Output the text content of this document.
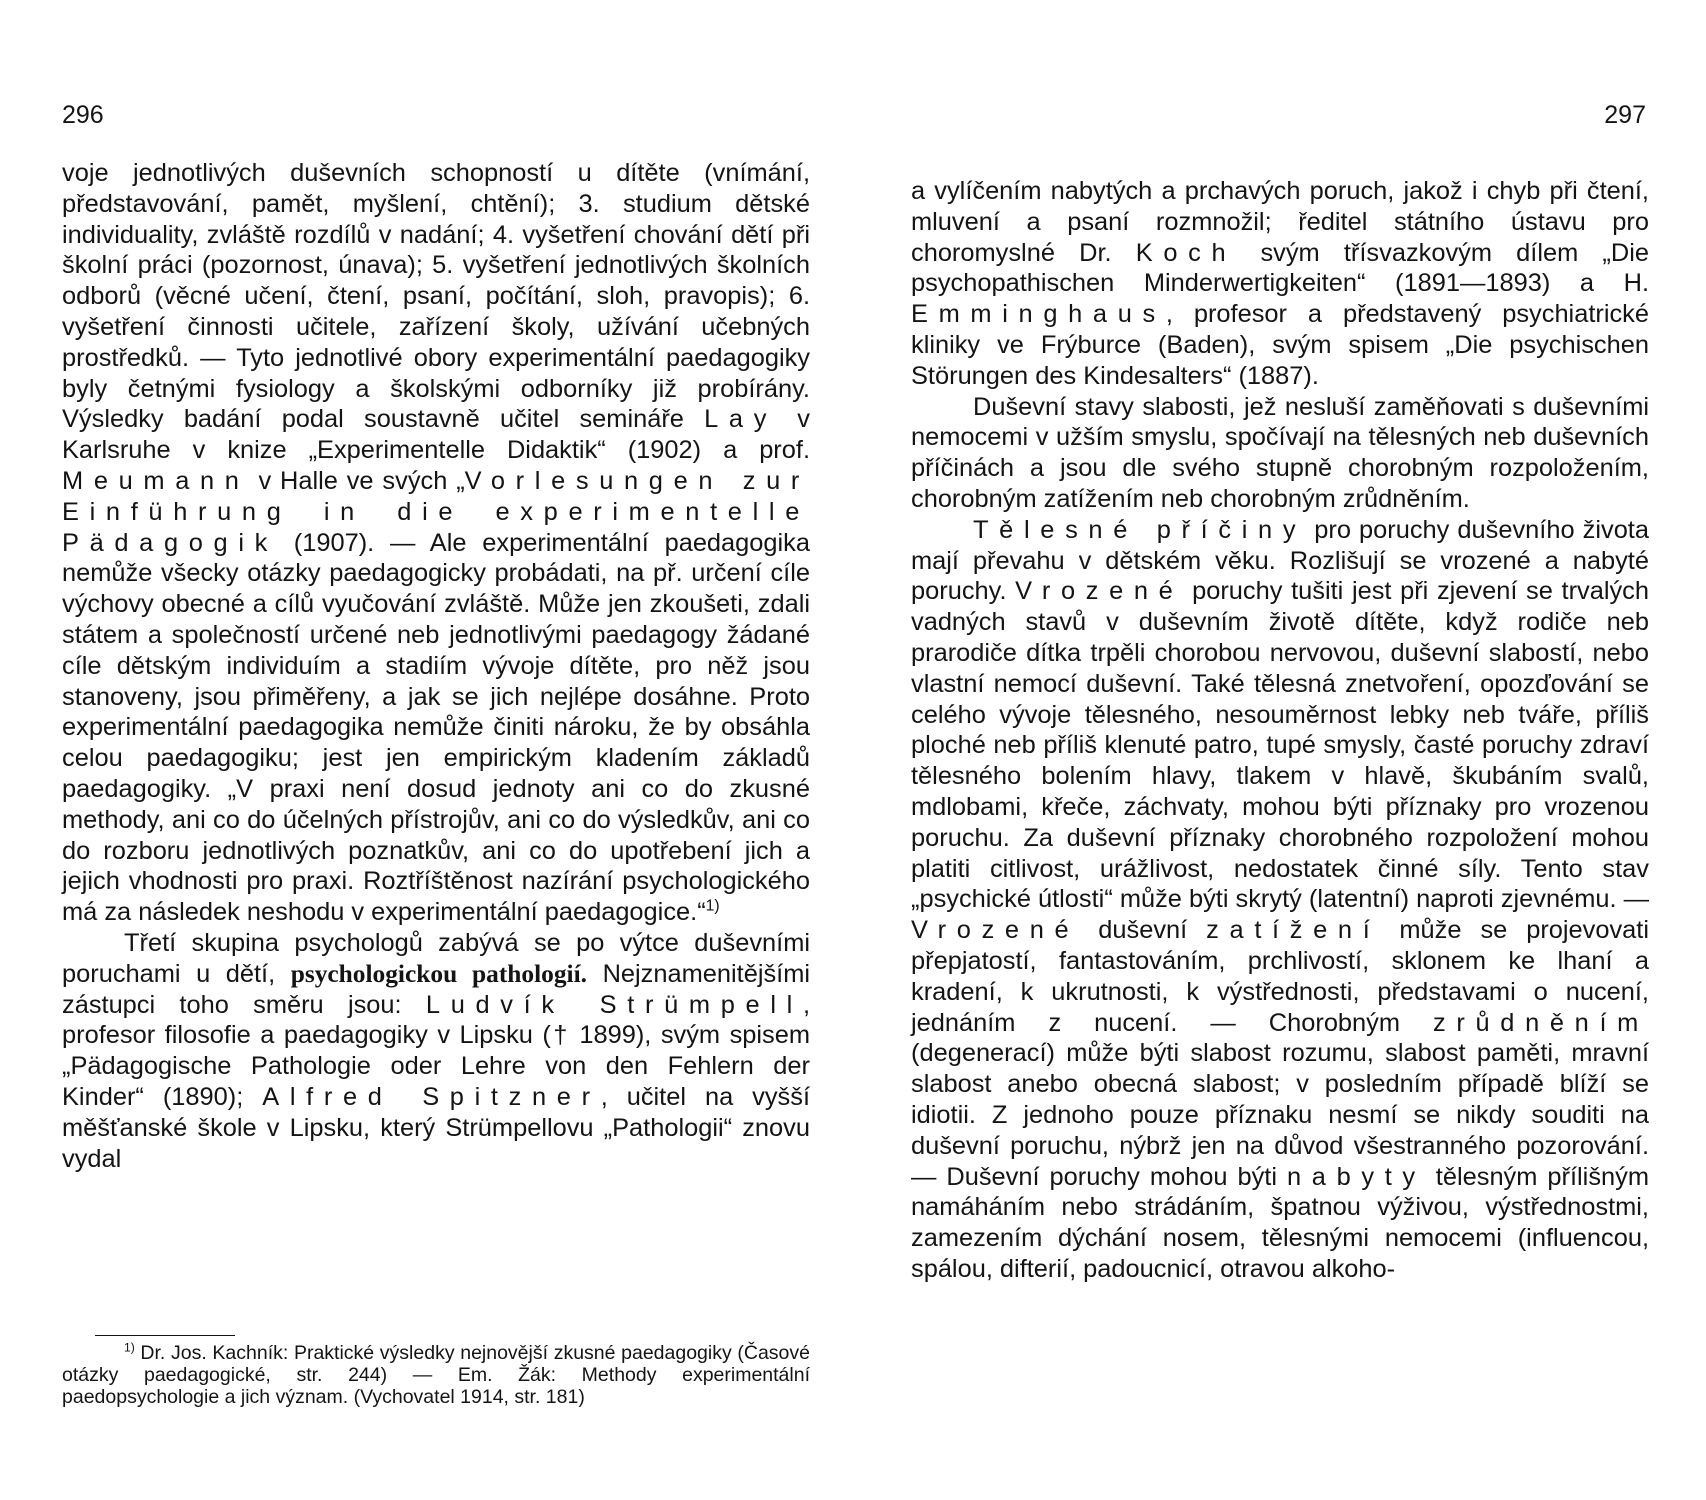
296

voje jednotlivých duševních schopností u dítěte (vnímání, představování, pamět, myšlení, chtění); 3. studium dětské individuality, zvláště rozdílů v nadání; 4. vyšetření chování dětí při školní práci (pozornost, únava); 5. vyšetření jednotlivých školních odborů (věcné učení, čtení, psaní, počítání, sloh, pravopis); 6. vyšetření činnosti učitele, zařízení školy, užívání učebných prostředků. — Tyto jednotlivé obory experimentální paedagogiky byly četnými fysiology a školskými odborníky již probírány. Výsledky badání podal soustavně učitel semináře Lay v Karlsruhe v knize „Experimentelle Didaktik“ (1902) a prof. Meumann v Halle ve svých „Vorlesungen zur Einführung in die experimentelle Pädagogik (1907). — Ale experimentální paedagogika nemůže všecky otázky paedagogicky probádati, na př. určení cíle výchovy obecné a cílů vyučování zvláště. Může jen zkoušeti, zdali státem a společností určené neb jednotlivými paedagogy žádané cíle dětským individuím a stadiím vývoje dítěte, pro něž jsou stanoveny, jsou přiměřeny, a jak se jich nejlépe dosáhne. Proto experimentální paedagogika nemůže činiti nároku, že by obsáhla celou paedagogiku; jest jen empirickým kladením základů paedagogiky. „V praxi není dosud jednoty ani co do zkusné methody, ani co do účelných přístrojův, ani co do výsledkův, ani co do rozboru jednotlivých poznatkův, ani co do upotřebení jich a jejich vhodnosti pro praxi. Roztříštěnost nazírání psychologického má za následek neshodu v experimentální paedagogice.“$^{1)}$

Třetí skupina psychologů zabývá se po výtce duševními poruchami u dětí, psychologickou pathologií. Nejznamenitějšími zástupci toho směru jsou: Ludvík Strümpell, profesor filosofie a paedagogiky v Lipsku († 1899), svým spisem „Pädagogische Pathologie oder Lehre von den Fehlern der Kinder“ (1890); Alfred Spitzner, učitel na vyšší měšťanské škole v Lipsku, který Strümpellovu „Pathologii“ znovu vydal

$^{1)}$ Dr. Jos. Kachník: Praktické výsledky nejnovější zkusné paedagogiky (Časové otázky paedagogické, str. 244) — Em. Žák: Methody experimentální paedopsychologie a jich význam. (Vychovatel 1914, str. 181)

297

a vylíčením nabytých a prchavých poruch, jakož i chyb při čtení, mluvení a psaní rozmnožil; ředitel státního ústavu pro choromyslné Dr. Koch svým třísvazkovým dílem „Die psychopathischen Minderwertigkeiten“ (1891—1893) a H. Emminghaus, profesor a představený psychiatrické kliniky ve Frýburce (Baden), svým spisem „Die psychischen Störungen des Kindesalters“ (1887).

Duševní stavy slabosti, jež nesluší zaměňovati s duševními nemocemi v užším smyslu, spočívají na tělesných neb duševních příčinách a jsou dle svého stupně chorobným rozpoložením, chorobným zatížením neb chorobným zrůdněním.

Tělesné příčiny pro poruchy duševního života mají převahu v dětském věku. Rozlišují se vrozené a nabyté poruchy. Vrozené poruchy tušiti jest při zjevení se trvalých vadných stavů v duševním životě dítěte, když rodiče neb prarodiče dítka trpěli chorobou nervovou, duševní slabostí, nebo vlastní nemocí duševní. Také tělesná znetvoření, opozďování se celého vývoje tělesného, nesouměrnost lebky neb tváře, příliš ploché neb příliš klenuté patro, tupé smysly, časté poruchy zdraví tělesného bolením hlavy, tlakem v hlavě, škubáním svalů, mdlobami, křeče, záchvaty, mohou býti příznaky pro vrozenou poruchu. Za duševní příznaky chorobného rozpoložení mohou platiti citlivost, urážlivost, nedostatek činné síly. Tento stav „psychické útlosti“ může býti skrytý (latentní) naproti zjevnému. — Vrozené duševní zatížení může se projevovati přepjatostí, fantastováním, prchlivostí, sklonem ke lhaní a kradení, k ukrutnosti, k výstřednosti, představami o nucení, jednáním z nucení. — Chorobným zrůdněním (degenerací) může býti slabost rozumu, slabost paměti, mravní slabost anebo obecná slabost; v posledním případě blíží se idiotii. Z jednoho pouze příznaku nesmí se nikdy souditi na duševní poruchu, nýbrž jen na důvod všestranného pozorování. — Duševní poruchy mohou býti nabyty tělesným přílišným namáháním nebo strádáním, špatnou výživou, výstřednostmi, zamezením dýchání nosem, tělesnými nemocemi (influencou, spálou, difterií, padoucnicí, otravou alkoho-
